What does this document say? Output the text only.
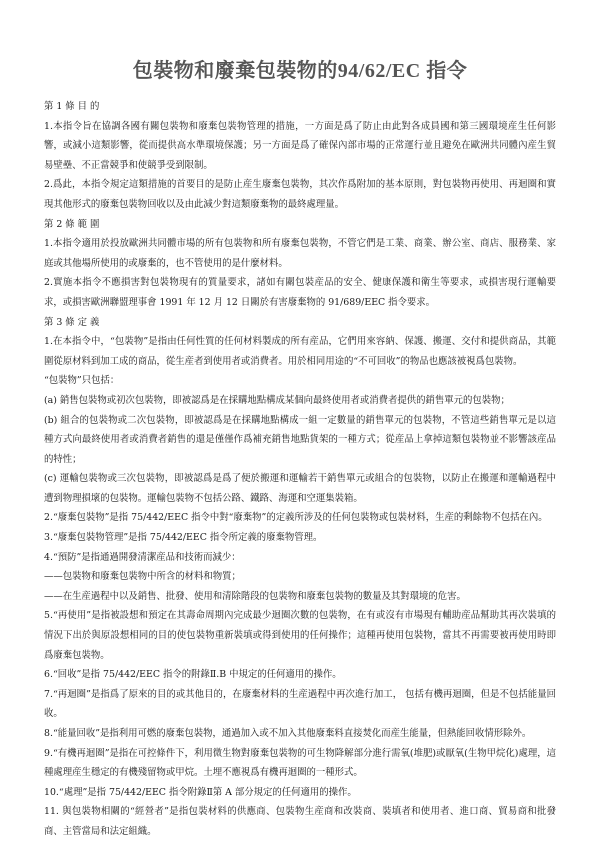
包裝物和廢棄包裝物的94/62/EC 指令

第 1 條 目 的

1.本指令旨在協調各國有關包裝物和廢棄包裝物管理的措施，一方面是爲了防止由此對各成員國和第三國環境産生任何影響，或減小這類影響，從而提供高水準環境保護；另一方面是爲了確保內部市場的正常運行並且避免在歐洲共同體內産生貿易壁壘、不正當競爭和使競爭受到限制。

2.爲此，本指令規定這類措施的首要目的是防止産生廢棄包裝物，其次作爲附加的基本原則，對包裝物再使用、再迴圈和實現其他形式的廢棄包裝物回收以及由此減少對這類廢棄物的最終處理量。

第 2 條 範 圍

1.本指令適用於投放歐洲共同體市場的所有包裝物和所有廢棄包裝物，不管它們是工業、商業、辦公室、商店、服務業、家庭或其他場所使用的或廢棄的，也不管使用的是什麼材料。

2.實施本指令不應損害對包裝物現有的質量要求，諸如有關包裝産品的安全、健康保護和衛生等要求，或損害現行運輸要求，或損害歐洲聯盟理事會 1991 年 12 月 12 日關於有害廢棄物的 91/689/EEC 指令要求。

第 3 條 定 義

1.在本指令中，“包裝物”是指由任何性質的任何材料製成的所有産品，它們用來容納、保護、搬運、交付和提供商品，其範圍從原材料到加工成的商品，從生産者到使用者或消費者。用於相同用途的“不可回收”的物品也應該被視爲包裝物。

“包裝物”只包括：

(a) 銷售包裝物或初次包裝物，即被認爲是在採購地點構成某個向最終使用者或消費者提供的銷售單元的包裝物；

(b) 組合的包裝物或二次包裝物，即被認爲是在採購地點構成一組一定數量的銷售單元的包裝物，不管這些銷售單元是以這種方式向最終使用者或消費者銷售的還是僅僅作爲補充銷售地點貨架的一種方式；從産品上拿掉這類包裝物並不影響該産品的特性；

(c) 運輸包裝物或三次包裝物，即被認爲是爲了便於搬運和運輸若干銷售單元或組合的包裝物，以防止在搬運和運輸過程中遭到物理損壞的包裝物。運輸包裝物不包括公路、鐵路、海運和空運集裝箱。

2.“廢棄包裝物”是指 75/442/EEC 指令中對“廢棄物”的定義所涉及的任何包裝物或包裝材料，生産的剩餘物不包括在內。

3.“廢棄包裝物管理”是指 75/442/EEC 指令所定義的廢棄物管理。

4.“預防”是指通過開發清潔産品和技術而減少：

——包裝物和廢棄包裝物中所含的材料和物質；

——在生産過程中以及銷售、批發、使用和清除階段的包裝物和廢棄包裝物的數量及其對環境的危害。

5.“再使用”是指被設想和預定在其壽命周期內完成最少迴圈次數的包裝物，在有或沒有市場現有輔助産品幫助其再次裝填的情況下出於與原設想相同的目的使包裝物重新裝填或得到使用的任何操作；這種再使用包裝物，當其不再需要被再使用時即爲廢棄包裝物。

6.“回收”是指 75/442/EEC 指令的附錄Ⅱ.B 中規定的任何適用的操作。

7.“再迴圈”是指爲了原來的目的或其他目的，在廢棄材料的生産過程中再次進行加工， 包括有機再迴圈，但是不包括能量回收。

8.“能量回收”是指利用可燃的廢棄包裝物，通過加入或不加入其他廢棄料直接焚化而産生能量，但熱能回收情形除外。

9.“有機再迴圈”是指在可控條件下，利用微生物對廢棄包裝物的可生物降解部分進行需氧(堆肥)或厭氧(生物甲烷化)處理，這種處理産生穩定的有機殘留物或甲烷。土埋不應視爲有機再迴圈的一種形式。

10.“處理”是指 75/442/EEC 指令附錄Ⅱ第 A 部分規定的任何適用的操作。

11. 與包裝物相關的“經營者”是指包裝材料的供應商、包裝物生産商和改裝商、裝填者和使用者、進口商、貿易商和批發商、主管當局和法定組織。
